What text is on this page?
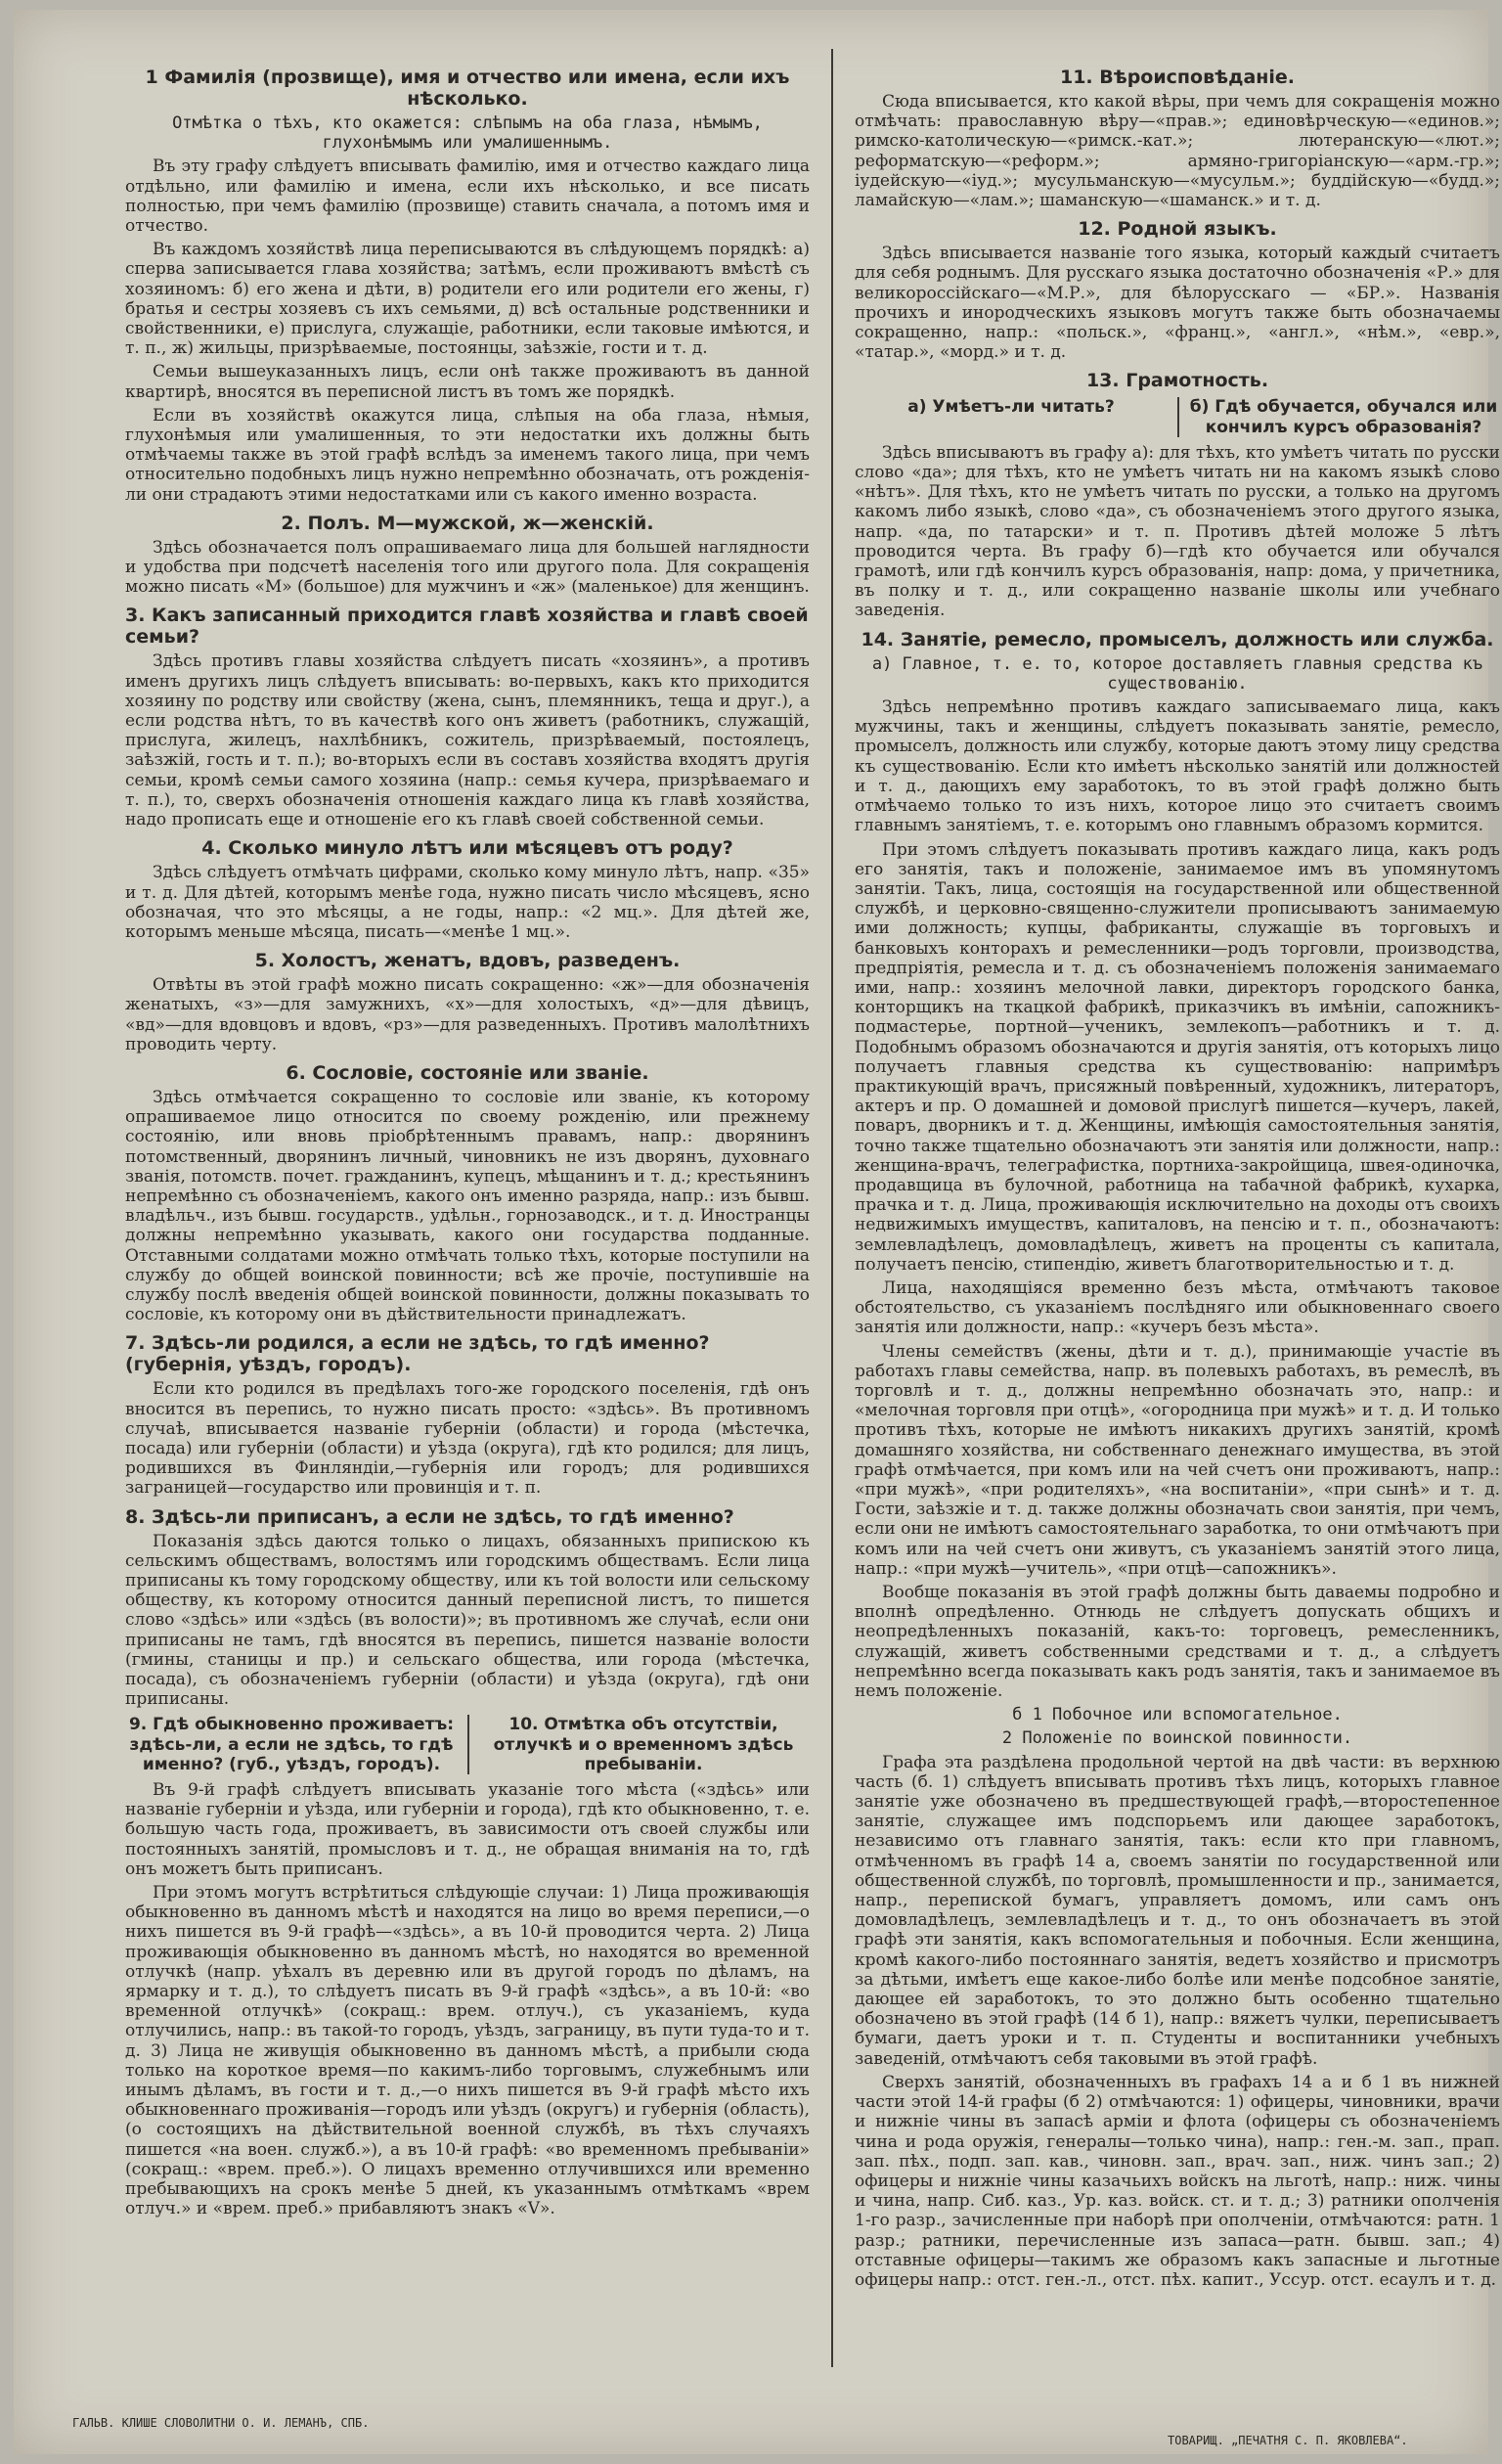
1 Фамилія (прозвище), имя и отчество или имена, если ихъ нѣсколько.
Отмѣтка о тѣхъ, кто окажется: слѣпымъ на оба глаза, нѣмымъ, глухонѣмымъ или умалишеннымъ.

Въ эту графу слѣдуетъ вписывать фамилію, имя и отчество каждаго лица отдѣльно, или фамилію и имена, если ихъ нѣсколько, и все писать полностью, при чемъ фамилію (прозвище) ставить сначала, а потомъ имя и отчество.

Въ каждомъ хозяйствѣ лица переписываются въ слѣдующемъ порядкѣ: а) сперва записывается глава хозяйства; затѣмъ, если проживаютъ вмѣстѣ съ хозяиномъ: б) его жена и дѣти, в) родители его или родители его жены, г) братья и сестры хозяевъ съ ихъ семьями, д) всѣ остальные родственники и свойственники, е) прислуга, служащіе, работники, если таковые имѣются, и т. п., ж) жильцы, призрѣваемые, постоянцы, заѣзжіе, гости и т. д.

Семьи вышеуказанныхъ лицъ, если онѣ также проживаютъ въ данной квартирѣ, вносятся въ переписной листъ въ томъ же порядкѣ.

Если въ хозяйствѣ окажутся лица, слѣпыя на оба глаза, нѣмыя, глухонѣмыя или умалишенныя, то эти недостатки ихъ должны быть отмѣчаемы также въ этой графѣ вслѣдъ за именемъ такого лица, при чемъ относительно подобныхъ лицъ нужно непремѣнно обозначать, отъ рожденія-ли они страдаютъ этими недостатками или съ какого именно возраста.

2. Полъ. М—мужской, ж—женскій.

Здѣсь обозначается полъ опрашиваемаго лица для большей наглядности и удобства при подсчетѣ населенія того или другого пола. Для сокращенія можно писать «М» (большое) для мужчинъ и «ж» (маленькое) для женщинъ.

3. Какъ записанный приходится главѣ хозяйства и главѣ своей семьи?

Здѣсь противъ главы хозяйства слѣдуетъ писать «хозяинъ», а противъ именъ другихъ лицъ слѣдуетъ вписывать: во-первыхъ, какъ кто приходится хозяину по родству или свойству (жена, сынъ, племянникъ, теща и друг.), а если родства нѣтъ, то въ качествѣ кого онъ живетъ (работникъ, служащій, прислуга, жилецъ, нахлѣбникъ, сожитель, призрѣваемый, постоялецъ, заѣзжій, гость и т. п.); во-вторыхъ если въ составъ хозяйства входятъ другія семьи, кромѣ семьи самого хозяина (напр.: семья кучера, призрѣваемаго и т. п.), то, сверхъ обозначенія отношенія каждаго лица къ главѣ хозяйства, надо прописать еще и отношеніе его къ главѣ своей собственной семьи.

4. Сколько минуло лѣтъ или мѣсяцевъ отъ роду?

Здѣсь слѣдуетъ отмѣчать цифрами, сколько кому минуло лѣтъ, напр. «35» и т. д. Для дѣтей, которымъ менѣе года, нужно писать число мѣсяцевъ, ясно обозначая, что это мѣсяцы, а не годы, напр.: «2 мц.». Для дѣтей же, которымъ меньше мѣсяца, писать—«менѣе 1 мц.».

5. Холостъ, женатъ, вдовъ, разведенъ.

Отвѣты въ этой графѣ можно писать сокращенно: «ж»—для обозначенія женатыхъ, «з»—для замужнихъ, «х»—для холостыхъ, «д»—для дѣвицъ, «вд»—для вдовцовъ и вдовъ, «рз»—для разведенныхъ. Противъ малолѣтнихъ проводить черту.

6. Сословіе, состояніе или званіе.

Здѣсь отмѣчается сокращенно то сословіе или званіе, къ которому опрашиваемое лицо относится по своему рожденію, или прежнему состоянію, или вновь пріобрѣтеннымъ правамъ, напр.: дворянинъ потомственный, дворянинъ личный, чиновникъ не изъ дворянъ, духовнаго званія, потомств. почет. гражданинъ, купецъ, мѣщанинъ и т. д.; крестьянинъ непремѣнно съ обозначеніемъ, какого онъ именно разряда, напр.: изъ бывш. владѣльч., изъ бывш. государств., удѣльн., горнозаводск., и т. д. Иностранцы должны непремѣнно указывать, какого они государства подданные. Отставными солдатами можно отмѣчать только тѣхъ, которые поступили на службу до общей воинской повинности; всѣ же прочіе, поступившіе на службу послѣ введенія общей воинской повинности, должны показывать то сословіе, къ которому они въ дѣйствительности принадлежатъ.

7. Здѣсь-ли родился, а если не здѣсь, то гдѣ именно? (губернія, уѣздъ, городъ).

Если кто родился въ предѣлахъ того-же городского поселенія, гдѣ онъ вносится въ перепись, то нужно писать просто: «здѣсь». Въ противномъ случаѣ, вписывается названіе губерніи (области) и города (мѣстечка, посада) или губерніи (области) и уѣзда (округа), гдѣ кто родился; для лицъ, родившихся въ Финляндіи,—губернія или городъ; для родившихся заграницей—государство или провинція и т. п.

8. Здѣсь-ли приписанъ, а если не здѣсь, то гдѣ именно?

Показанія здѣсь даются только о лицахъ, обязанныхъ припискою къ сельскимъ обществамъ, волостямъ или городскимъ обществамъ. Если лица приписаны къ тому городскому обществу, или къ той волости или сельскому обществу, къ которому относится данный переписной листъ, то пишется слово «здѣсь» или «здѣсь (въ волости)»; въ противномъ же случаѣ, если они приписаны не тамъ, гдѣ вносятся въ перепись, пишется названіе волости (гмины, станицы и пр.) и сельскаго общества, или города (мѣстечка, посада), съ обозначеніемъ губерніи (области) и уѣзда (округа), гдѣ они приписаны.

9. Гдѣ обыкновенно проживаетъ: здѣсь-ли, а если не здѣсь, то гдѣ именно? (губ., уѣздъ, городъ).
10. Отмѣтка объ отсутствіи, отлучкѣ и о временномъ здѣсь пребываніи.

Въ 9-й графѣ слѣдуетъ вписывать указаніе того мѣста («здѣсь» или названіе губерніи и уѣзда, или губерніи и города), гдѣ кто обыкновенно, т. е. большую часть года, проживаетъ, въ зависимости отъ своей службы или постоянныхъ занятій, промысловъ и т. д., не обращая вниманія на то, гдѣ онъ можетъ быть приписанъ.

При этомъ могутъ встрѣтиться слѣдующіе случаи: 1) Лица проживающія обыкновенно въ данномъ мѣстѣ и находятся на лицо во время переписи,—о нихъ пишется въ 9-й графѣ—«здѣсь», а въ 10-й проводится черта. 2) Лица проживающія обыкновенно въ данномъ мѣстѣ, но находятся во временной отлучкѣ (напр. уѣхалъ въ деревню или въ другой городъ по дѣламъ, на ярмарку и т. д.), то слѣдуетъ писать въ 9-й графѣ «здѣсь», а въ 10-й: «во временной отлучкѣ» (сокращ.: врем. отлуч.), съ указаніемъ, куда отлучились, напр.: въ такой-то городъ, уѣздъ, заграницу, въ пути туда-то и т. д. 3) Лица не живущія обыкновенно въ данномъ мѣстѣ, а прибыли сюда только на короткое время—по какимъ-либо торговымъ, служебнымъ или инымъ дѣламъ, въ гости и т. д.,—о нихъ пишется въ 9-й графѣ мѣсто ихъ обыкновеннаго проживанія—городъ или уѣздъ (округъ) и губернія (область), (о состоящихъ на дѣйствительной военной службѣ, въ тѣхъ случаяхъ пишется «на воен. служб.»), а въ 10-й графѣ: «во временномъ пребываніи» (сокращ.: «врем. преб.»). О лицахъ временно отлучившихся или временно пребывающихъ на срокъ менѣе 5 дней, къ указаннымъ отмѣткамъ «врем отлуч.» и «врем. преб.» прибавляютъ знакъ «V».

11. Вѣроисповѣданіе.

Сюда вписывается, кто какой вѣры, при чемъ для сокращенія можно отмѣчать: православную вѣру—«прав.»; единовѣрческую—«единов.»; римско-католическую—«римск.-кат.»; лютеранскую—«лют.»; реформатскую—«реформ.»; армяно-григоріанскую—«арм.-гр.»; іудейскую—«іуд.»; мусульманскую—«мусульм.»; буддійскую—«будд.»; ламайскую—«лам.»; шаманскую—«шаманск.» и т. д.

12. Родной языкъ.

Здѣсь вписывается названіе того языка, который каждый считаетъ для себя роднымъ. Для русскаго языка достаточно обозначенія «Р.» для великороссійскаго—«М.Р.», для бѣлорусскаго — «БР.». Названія прочихъ и инородческихъ языковъ могутъ также быть обозначаемы сокращенно, напр.: «польск.», «франц.», «англ.», «нѣм.», «евр.», «татар.», «морд.» и т. д.

13. Грамотность.
а) Умѣетъ-ли читать?	б) Гдѣ обучается, обучался или кончилъ курсъ образованія?

Здѣсь вписываютъ въ графу а): для тѣхъ, кто умѣетъ читать по русски слово «да»; для тѣхъ, кто не умѣетъ читать ни на какомъ языкѣ слово «нѣтъ». Для тѣхъ, кто не умѣетъ читать по русски, а только на другомъ какомъ либо языкѣ, слово «да», съ обозначеніемъ этого другого языка, напр. «да, по татарски» и т. п. Противъ дѣтей моложе 5 лѣтъ проводится черта. Въ графу б)—гдѣ кто обучается или обучался грамотѣ, или гдѣ кончилъ курсъ образованія, напр: дома, у причетника, въ полку и т. д., или сокращенно названіе школы или учебнаго заведенія.

14. Занятіе, ремесло, промыселъ, должность или служба.
а) Главное, т. е. то, которое доставляетъ главныя средства къ существованію.

Здѣсь непремѣнно противъ каждаго записываемаго лица, какъ мужчины, такъ и женщины, слѣдуетъ показывать занятіе, ремесло, промыселъ, должность или службу, которые даютъ этому лицу средства къ существованію. Если кто имѣетъ нѣсколько занятій или должностей и т. д., дающихъ ему заработокъ, то въ этой графѣ должно быть отмѣчаемо только то изъ нихъ, которое лицо это считаетъ своимъ главнымъ занятіемъ, т. е. которымъ оно главнымъ образомъ кормится.

При этомъ слѣдуетъ показывать противъ каждаго лица, какъ родъ его занятія, такъ и положеніе, занимаемое имъ въ упомянутомъ занятіи. Такъ, лица, состоящія на государственной или общественной службѣ, и церковно-священно-служители прописываютъ занимаемую ими должность; купцы, фабриканты, служащіе въ торговыхъ и банковыхъ конторахъ и ремесленники—родъ торговли, производства, предпріятія, ремесла и т. д. съ обозначеніемъ положенія занимаемаго ими, напр.: хозяинъ мелочной лавки, директоръ городского банка, конторщикъ на ткацкой фабрикѣ, приказчикъ въ имѣніи, сапожникъ-подмастерье, портной—ученикъ, землекопъ—работникъ и т. д. Подобнымъ образомъ обозначаются и другія занятія, отъ которыхъ лицо получаетъ главныя средства къ существованію: напримѣръ практикующій врачъ, присяжный повѣренный, художникъ, литераторъ, актеръ и пр. О домашней и домовой прислугѣ пишется—кучеръ, лакей, поваръ, дворникъ и т. д. Женщины, имѣющія самостоятельныя занятія, точно также тщательно обозначаютъ эти занятія или должности, напр.: женщина-врачъ, телеграфистка, портниха-закройщица, швея-одиночка, продавщица въ булочной, работница на табачной фабрикѣ, кухарка, прачка и т. д. Лица, проживающія исключительно на доходы отъ своихъ недвижимыхъ имуществъ, капиталовъ, на пенсію и т. п., обозначаютъ: землевладѣлецъ, домовладѣлецъ, живетъ на проценты съ капитала, получаетъ пенсію, стипендію, живетъ благотворительностью и т. д.

Лица, находящіяся временно безъ мѣста, отмѣчаютъ таковое обстоятельство, съ указаніемъ послѣдняго или обыкновеннаго своего занятія или должности, напр.: «кучеръ безъ мѣста».

Члены семействъ (жены, дѣти и т. д.), принимающіе участіе въ работахъ главы семейства, напр. въ полевыхъ работахъ, въ ремеслѣ, въ торговлѣ и т. д., должны непремѣнно обозначать это, напр.: и «мелочная торговля при отцѣ», «огородница при мужѣ» и т. д. И только противъ тѣхъ, которые не имѣютъ никакихъ другихъ занятій, кромѣ домашняго хозяйства, ни собственнаго денежнаго имущества, въ этой графѣ отмѣчается, при комъ или на чей счетъ они проживаютъ, напр.: «при мужѣ», «при родителяхъ», «на воспитаніи», «при сынѣ» и т. д. Гости, заѣзжіе и т. д. также должны обозначать свои занятія, при чемъ, если они не имѣютъ самостоятельнаго заработка, то они отмѣчаютъ при комъ или на чей счетъ они живутъ, съ указаніемъ занятій этого лица, напр.: «при мужѣ—учитель», «при отцѣ—сапожникъ».

Вообще показанія въ этой графѣ должны быть даваемы подробно и вполнѣ опредѣленно. Отнюдь не слѣдуетъ допускать общихъ и неопредѣленныхъ показаній, какъ-то: торговецъ, ремесленникъ, служащій, живетъ собственными средствами и т. д., а слѣдуетъ непремѣнно всегда показывать какъ родъ занятія, такъ и занимаемое въ немъ положеніе.

б 1 Побочное или вспомогательное.
2 Положеніе по воинской повинности.

Графа эта раздѣлена продольной чертой на двѣ части: въ верхнюю часть (б. 1) слѣдуетъ вписывать противъ тѣхъ лицъ, которыхъ главное занятіе уже обозначено въ предшествующей графѣ,—второстепенное занятіе, служащее имъ подспорьемъ или дающее заработокъ, независимо отъ главнаго занятія, такъ: если кто при главномъ, отмѣченномъ въ графѣ 14 а, своемъ занятіи по государственной или общественной службѣ, по торговлѣ, промышленности и пр., занимается, напр., перепиской бумагъ, управляетъ домомъ, или самъ онъ домовладѣлецъ, землевладѣлецъ и т. д., то онъ обозначаетъ въ этой графѣ эти занятія, какъ вспомогательныя и побочныя. Если женщина, кромѣ какого-либо постояннаго занятія, ведетъ хозяйство и присмотръ за дѣтьми, имѣетъ еще какое-либо болѣе или менѣе подсобное занятіе, дающее ей заработокъ, то это должно быть особенно тщательно обозначено въ этой графѣ (14 б 1), напр.: вяжетъ чулки, переписываетъ бумаги, даетъ уроки и т. п. Студенты и воспитанники учебныхъ заведеній, отмѣчаютъ себя таковыми въ этой графѣ.

Сверхъ занятій, обозначенныхъ въ графахъ 14 а и б 1 въ нижней части этой 14-й графы (б 2) отмѣчаются: 1) офицеры, чиновники, врачи и нижніе чины въ запасѣ арміи и флота (офицеры съ обозначеніемъ чина и рода оружія, генералы—только чина), напр.: ген.-м. зап., прап. зап. пѣх., подп. зап. кав., чиновн. зап., врач. зап., ниж. чинъ зап.; 2) офицеры и нижніе чины казачьихъ войскъ на льготѣ, напр.: ниж. чины и чина, напр. Сиб. каз., Ур. каз. войск. ст. и т. д.; 3) ратники ополченія 1-го разр., зачисленные при наборѣ при ополченіи, отмѣчаются: ратн. 1 разр.; ратники, перечисленные изъ запаса—ратн. бывш. зап.; 4) отставные офицеры—такимъ же образомъ какъ запасные и льготные офицеры напр.: отст. ген.-л., отст. пѣх. капит., Уссур. отст. есаулъ и т. д.

ГАЛЬВ. КЛИШЕ СЛОВОЛИТНИ О. И. ЛЕМАНЪ, СПБ.
ТОВАРИЩ. „ПЕЧАТНЯ С. П. ЯКОВЛЕВА“.
